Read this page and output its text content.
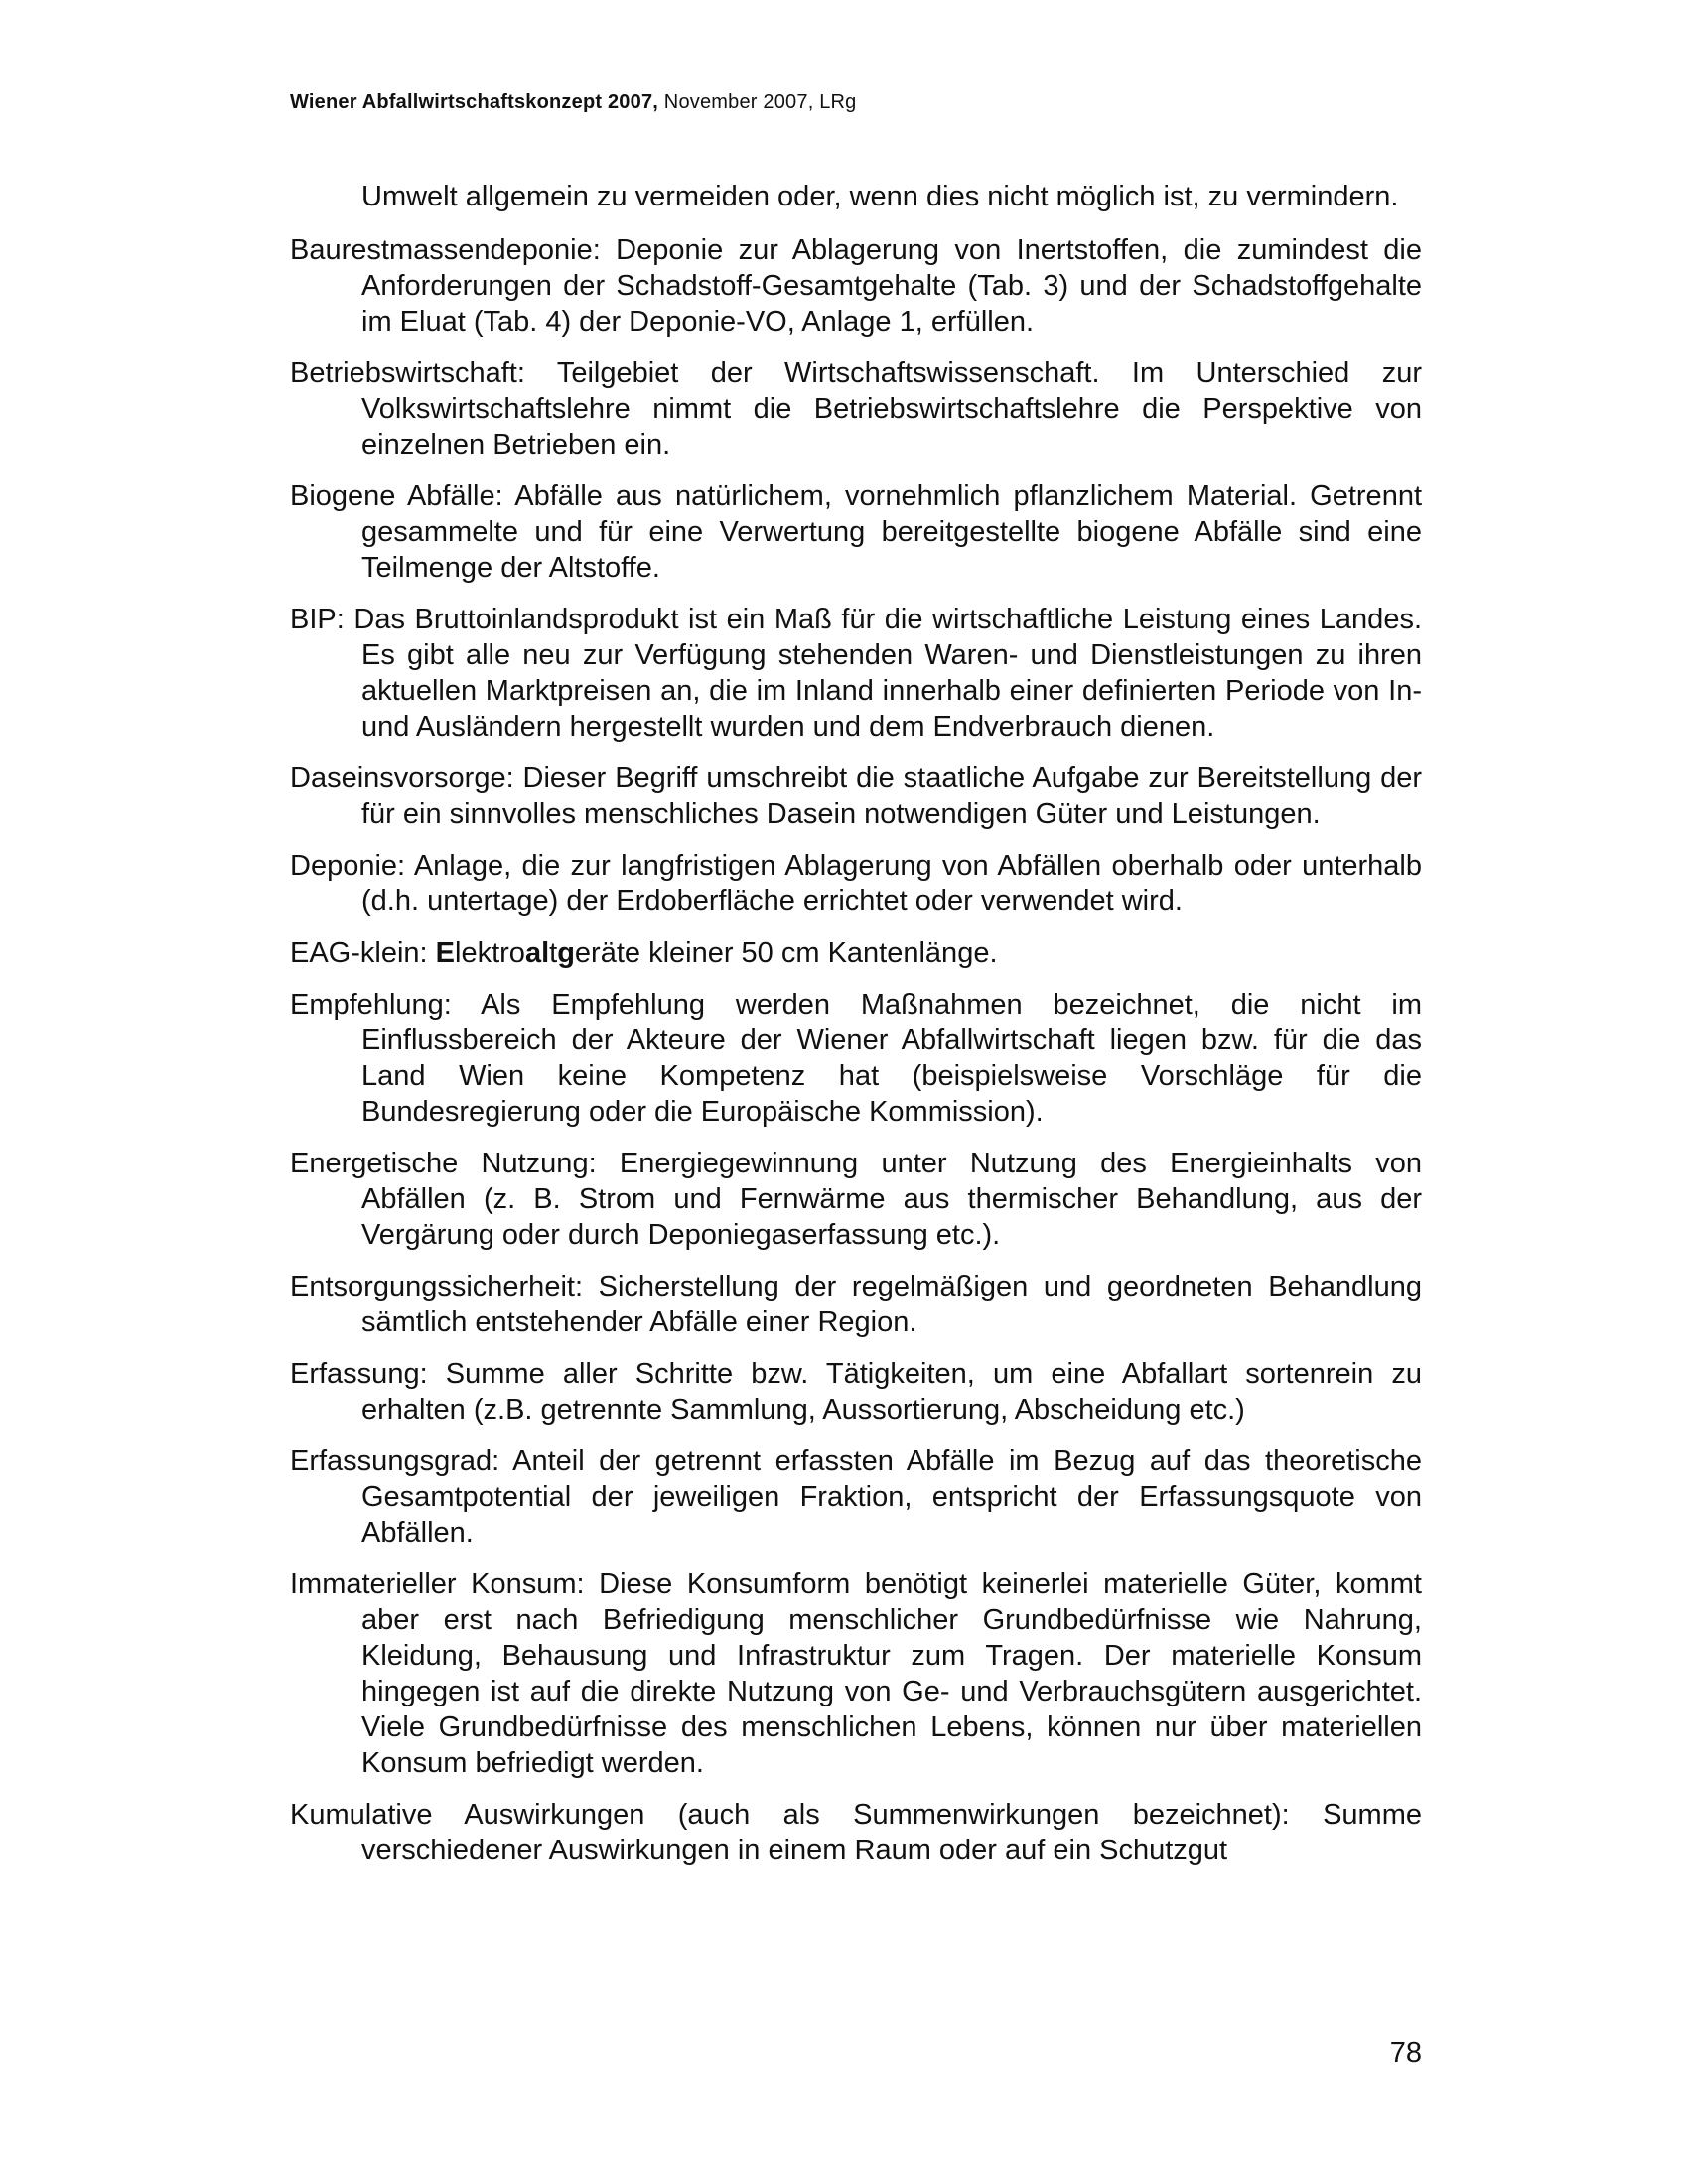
Wiener Abfallwirtschaftskonzept 2007, November 2007, LRg

Umwelt allgemein zu vermeiden oder, wenn dies nicht möglich ist, zu vermindern.

Baurestmassendeponie: Deponie zur Ablagerung von Inertstoffen, die zumindest die Anforderungen der Schadstoff-Gesamtgehalte (Tab. 3) und der Schadstoffgehalte im Eluat (Tab. 4) der Deponie-VO, Anlage 1, erfüllen.

Betriebswirtschaft: Teilgebiet der Wirtschaftswissenschaft. Im Unterschied zur Volkswirtschaftslehre nimmt die Betriebswirtschaftslehre die Perspektive von einzelnen Betrieben ein.

Biogene Abfälle: Abfälle aus natürlichem, vornehmlich pflanzlichem Material. Getrennt gesammelte und für eine Verwertung bereitgestellte biogene Abfälle sind eine Teilmenge der Altstoffe.

BIP: Das Bruttoinlandsprodukt ist ein Maß für die wirtschaftliche Leistung eines Landes. Es gibt alle neu zur Verfügung stehenden Waren- und Dienstleistungen zu ihren aktuellen Marktpreisen an, die im Inland innerhalb einer definierten Periode von In- und Ausländern hergestellt wurden und dem Endverbrauch dienen.

Daseinsvorsorge: Dieser Begriff umschreibt die staatliche Aufgabe zur Bereitstellung der für ein sinnvolles menschliches Dasein notwendigen Güter und Leistungen.

Deponie: Anlage, die zur langfristigen Ablagerung von Abfällen oberhalb oder unterhalb (d.h. untertage) der Erdoberfläche errichtet oder verwendet wird.

EAG-klein: Elektroaltgeräte kleiner 50 cm Kantenlänge.

Empfehlung: Als Empfehlung werden Maßnahmen bezeichnet, die nicht im Einflussbereich der Akteure der Wiener Abfallwirtschaft liegen bzw. für die das Land Wien keine Kompetenz hat (beispielsweise Vorschläge für die Bundesregierung oder die Europäische Kommission).

Energetische Nutzung: Energiegewinnung unter Nutzung des Energieinhalts von Abfällen (z. B. Strom und Fernwärme aus thermischer Behandlung, aus der Vergärung oder durch Deponiegaserfassung etc.).

Entsorgungssicherheit: Sicherstellung der regelmäßigen und geordneten Behandlung sämtlich entstehender Abfälle einer Region.

Erfassung: Summe aller Schritte bzw. Tätigkeiten, um eine Abfallart sortenrein zu erhalten (z.B. getrennte Sammlung, Aussortierung, Abscheidung etc.)

Erfassungsgrad: Anteil der getrennt erfassten Abfälle im Bezug auf das theoretische Gesamtpotential der jeweiligen Fraktion, entspricht der Erfassungsquote von Abfällen.

Immaterieller Konsum: Diese Konsumform benötigt keinerlei materielle Güter, kommt aber erst nach Befriedigung menschlicher Grundbedürfnisse wie Nahrung, Kleidung, Behausung und Infrastruktur zum Tragen. Der materielle Konsum hingegen ist auf die direkte Nutzung von Ge- und Verbrauchsgütern ausgerichtet. Viele Grundbedürfnisse des menschlichen Lebens, können nur über materiellen Konsum befriedigt werden.

Kumulative Auswirkungen (auch als Summenwirkungen bezeichnet): Summe verschiedener Auswirkungen in einem Raum oder auf ein Schutzgut

78
